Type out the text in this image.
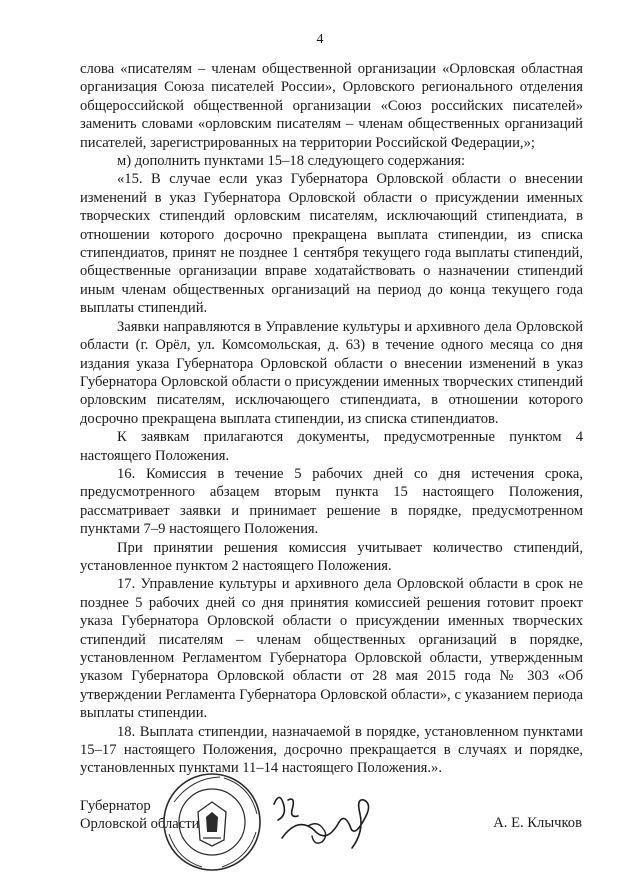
4

слова «писателям – членам общественной организации «Орловская областная организация Союза писателей России», Орловского регионального отделения общероссийской общественной организации «Союз российских писателей» заменить словами «орловским писателям – членам общественных организаций писателей, зарегистрированных на территории Российской Федерации,»;

м) дополнить пунктами 15–18 следующего содержания:

«15. В случае если указ Губернатора Орловской области о внесении изменений в указ Губернатора Орловской области о присуждении именных творческих стипендий орловским писателям, исключающий стипендиата, в отношении которого досрочно прекращена выплата стипендии, из списка стипендиатов, принят не позднее 1 сентября текущего года выплаты стипендий, общественные организации вправе ходатайствовать о назначении стипендий иным членам общественных организаций на период до конца текущего года выплаты стипендий.

Заявки направляются в Управление культуры и архивного дела Орловской области (г. Орёл, ул. Комсомольская, д. 63) в течение одного месяца со дня издания указа Губернатора Орловской области о внесении изменений в указ Губернатора Орловской области о присуждении именных творческих стипендий орловским писателям, исключающего стипендиата, в отношении которого досрочно прекращена выплата стипендии, из списка стипендиатов.

К заявкам прилагаются документы, предусмотренные пунктом 4 настоящего Положения.

16. Комиссия в течение 5 рабочих дней со дня истечения срока, предусмотренного абзацем вторым пункта 15 настоящего Положения, рассматривает заявки и принимает решение в порядке, предусмотренном пунктами 7–9 настоящего Положения.

При принятии решения комиссия учитывает количество стипендий, установленное пунктом 2 настоящего Положения.

17. Управление культуры и архивного дела Орловской области в срок не позднее 5 рабочих дней со дня принятия комиссией решения готовит проект указа Губернатора Орловской области о присуждении именных творческих стипендий писателям – членам общественных организаций в порядке, установленном Регламентом Губернатора Орловской области, утвержденным указом Губернатора Орловской области от 28 мая 2015 года № 303 «Об утверждении Регламента Губернатора Орловской области», с указанием периода выплаты стипендии.

18. Выплата стипендии, назначаемой в порядке, установленном пунктами 15–17 настоящего Положения, досрочно прекращается в случаях и порядке, установленных пунктами 11–14 настоящего Положения.».

Губернатор
Орловской области	А. Е. Клычков
